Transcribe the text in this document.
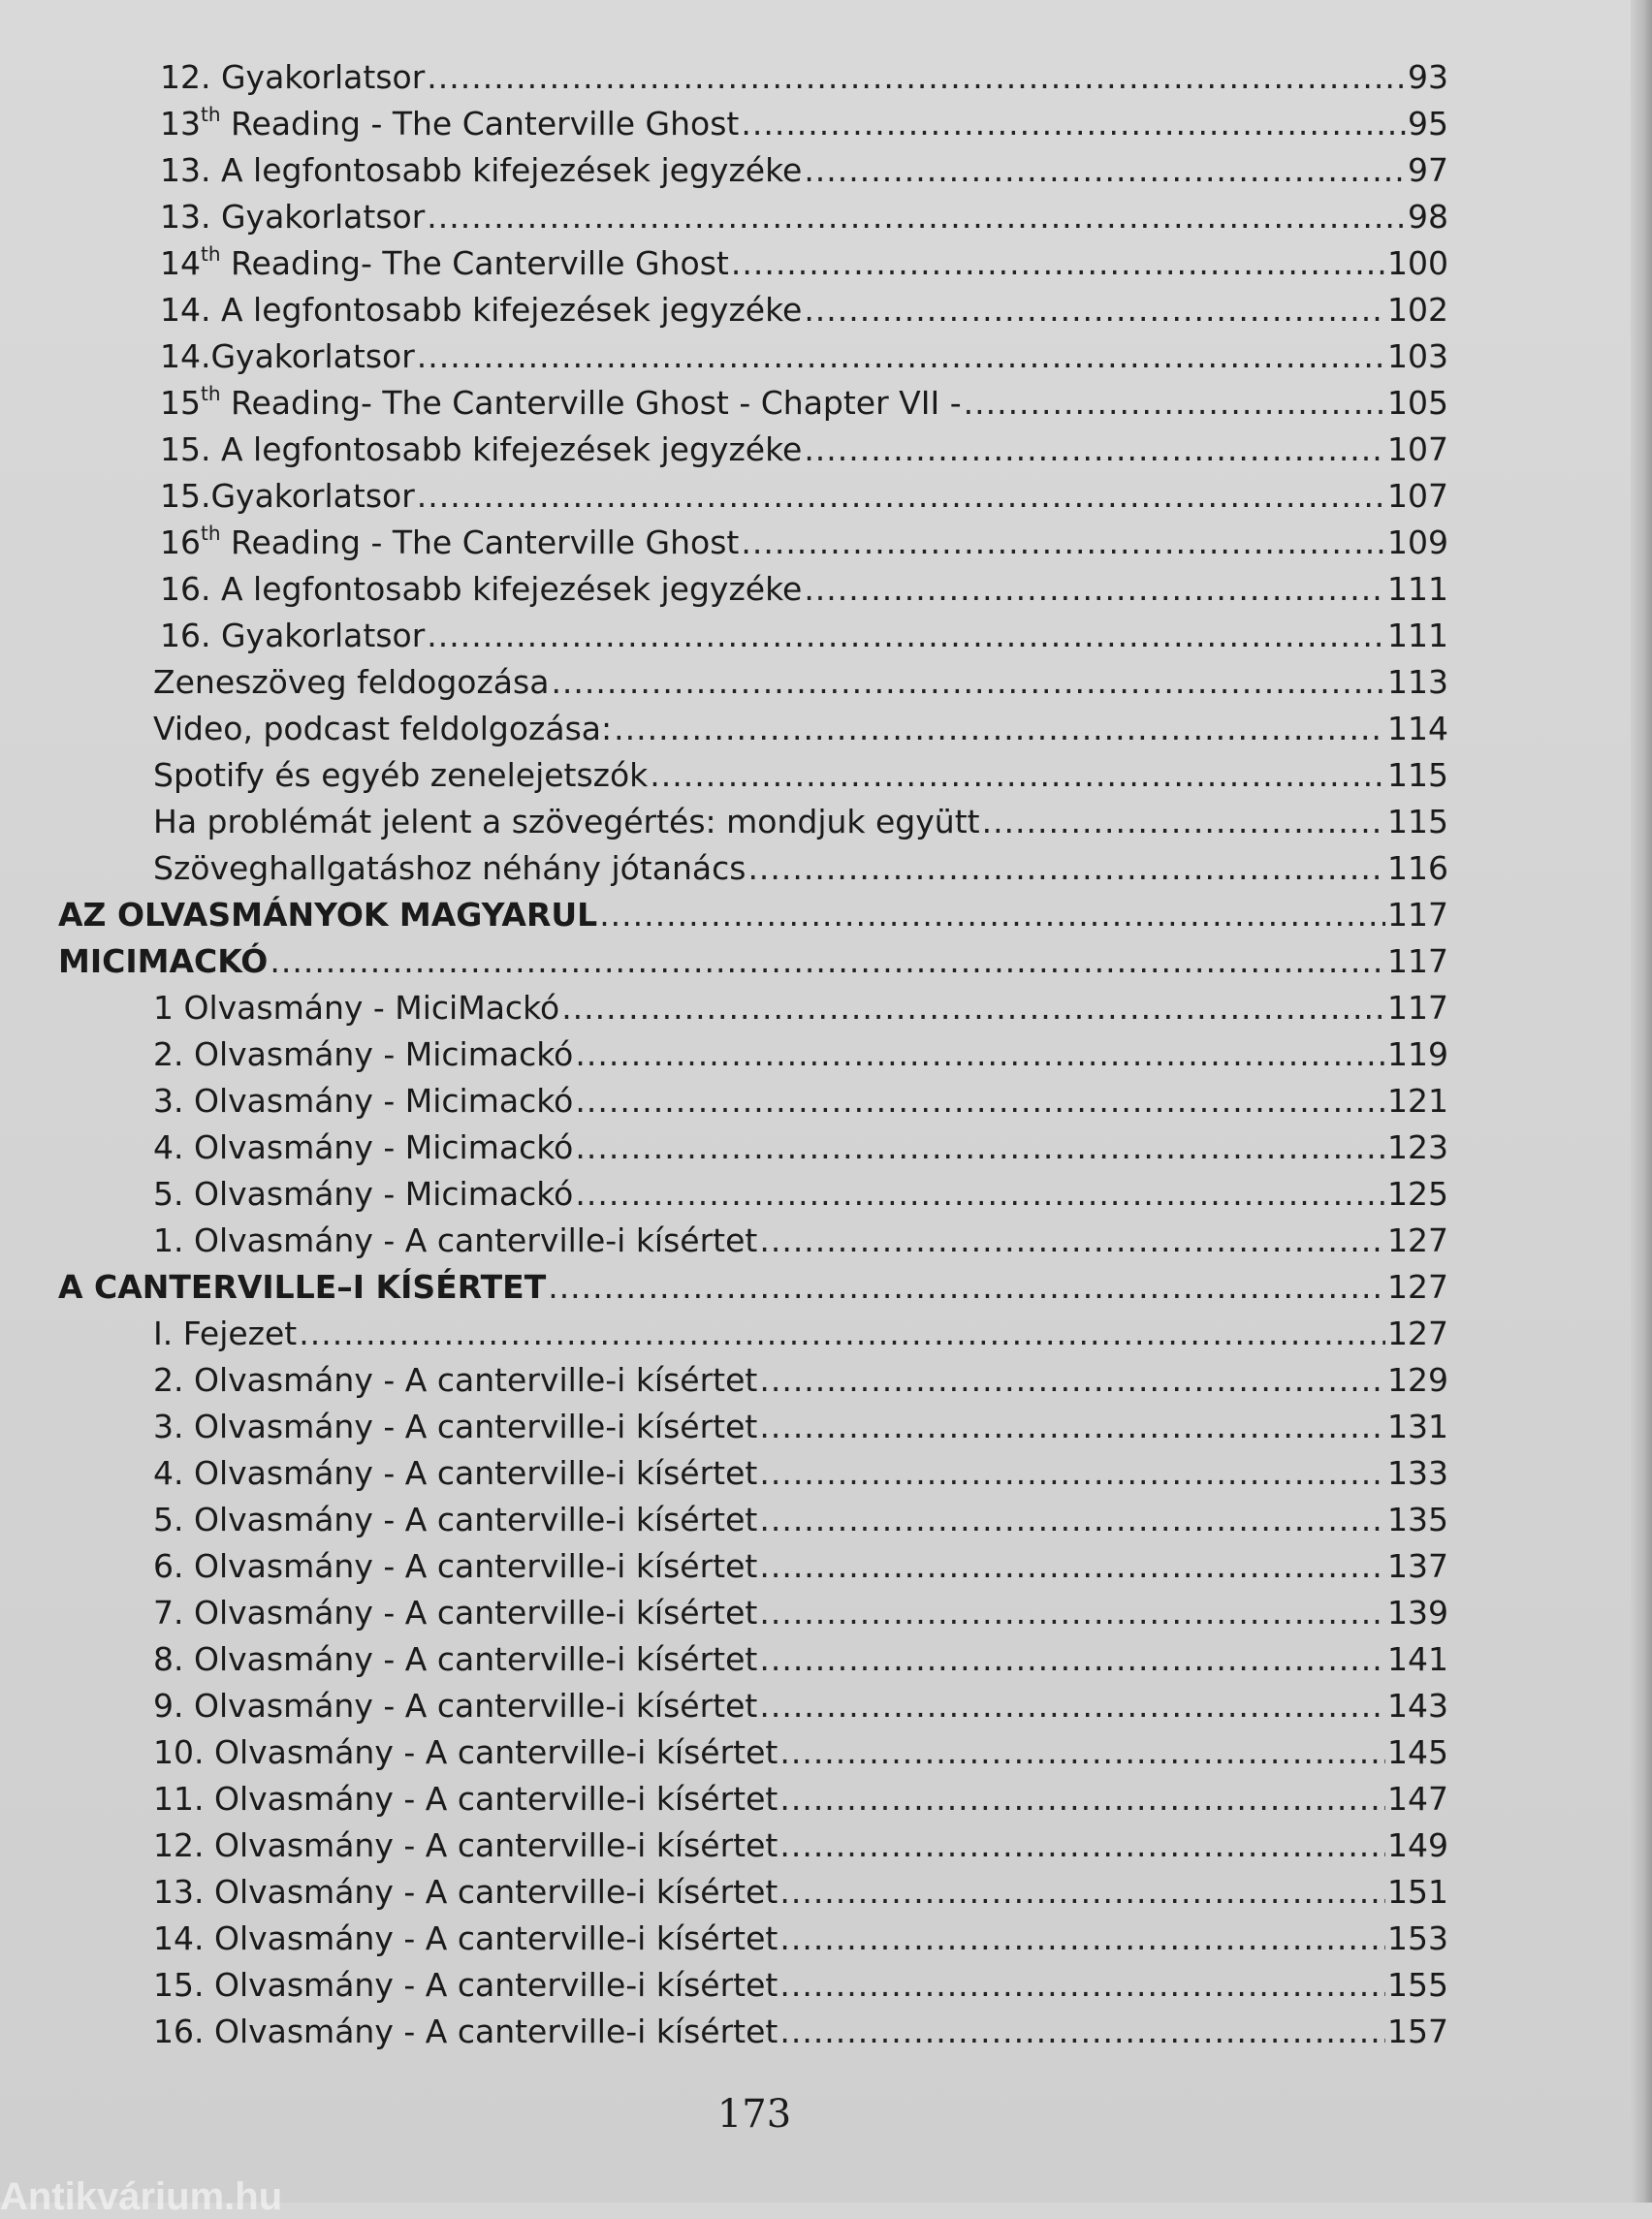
12. Gyakorlatsor .....	93
13th Reading - The Canterville Ghost .....	95
13. A legfontosabb kifejezések jegyzéke .....	97
13. Gyakorlatsor .....	98
14th Reading- The Canterville Ghost .....	100
14. A legfontosabb kifejezések jegyzéke .....	102
14.Gyakorlatsor .....	103
15th Reading- The Canterville Ghost - Chapter VII - .....	105
15. A legfontosabb kifejezések jegyzéke .....	107
15.Gyakorlatsor .....	107
16th Reading - The Canterville Ghost .....	109
16. A legfontosabb kifejezések jegyzéke .....	111
16. Gyakorlatsor .....	111
Zeneszöveg feldogozása .....	113
Video, podcast feldolgozása: .....	114
Spotify és egyéb zenelejetszók .....	115
Ha problémát jelent a szövegértés: mondjuk együtt .....	115
Szöveghallgatáshoz néhány jótanács .....	116
AZ OLVASMÁNYOK MAGYARUL .....	117
MICIMACKÓ .....	117
1 Olvasmány - MiciMackó .....	117
2. Olvasmány - Micimackó .....	119
3. Olvasmány - Micimackó .....	121
4. Olvasmány - Micimackó .....	123
5. Olvasmány - Micimackó .....	125
1. Olvasmány - A canterville-i kísértet .....	127
A CANTERVILLE–I KÍSÉRTET .....	127
I. Fejezet .....	127
2. Olvasmány - A canterville-i kísértet .....	129
3. Olvasmány - A canterville-i kísértet .....	131
4. Olvasmány - A canterville-i kísértet .....	133
5. Olvasmány - A canterville-i kísértet .....	135
6. Olvasmány - A canterville-i kísértet .....	137
7. Olvasmány - A canterville-i kísértet .....	139
8. Olvasmány - A canterville-i kísértet .....	141
9. Olvasmány - A canterville-i kísértet .....	143
10. Olvasmány - A canterville-i kísértet .....	145
11. Olvasmány - A canterville-i kísértet .....	147
12. Olvasmány - A canterville-i kísértet .....	149
13. Olvasmány - A canterville-i kísértet .....	151
14. Olvasmány - A canterville-i kísértet .....	153
15. Olvasmány - A canterville-i kísértet .....	155
16. Olvasmány - A canterville-i kísértet .....	157
173
Antikvárium.hu
